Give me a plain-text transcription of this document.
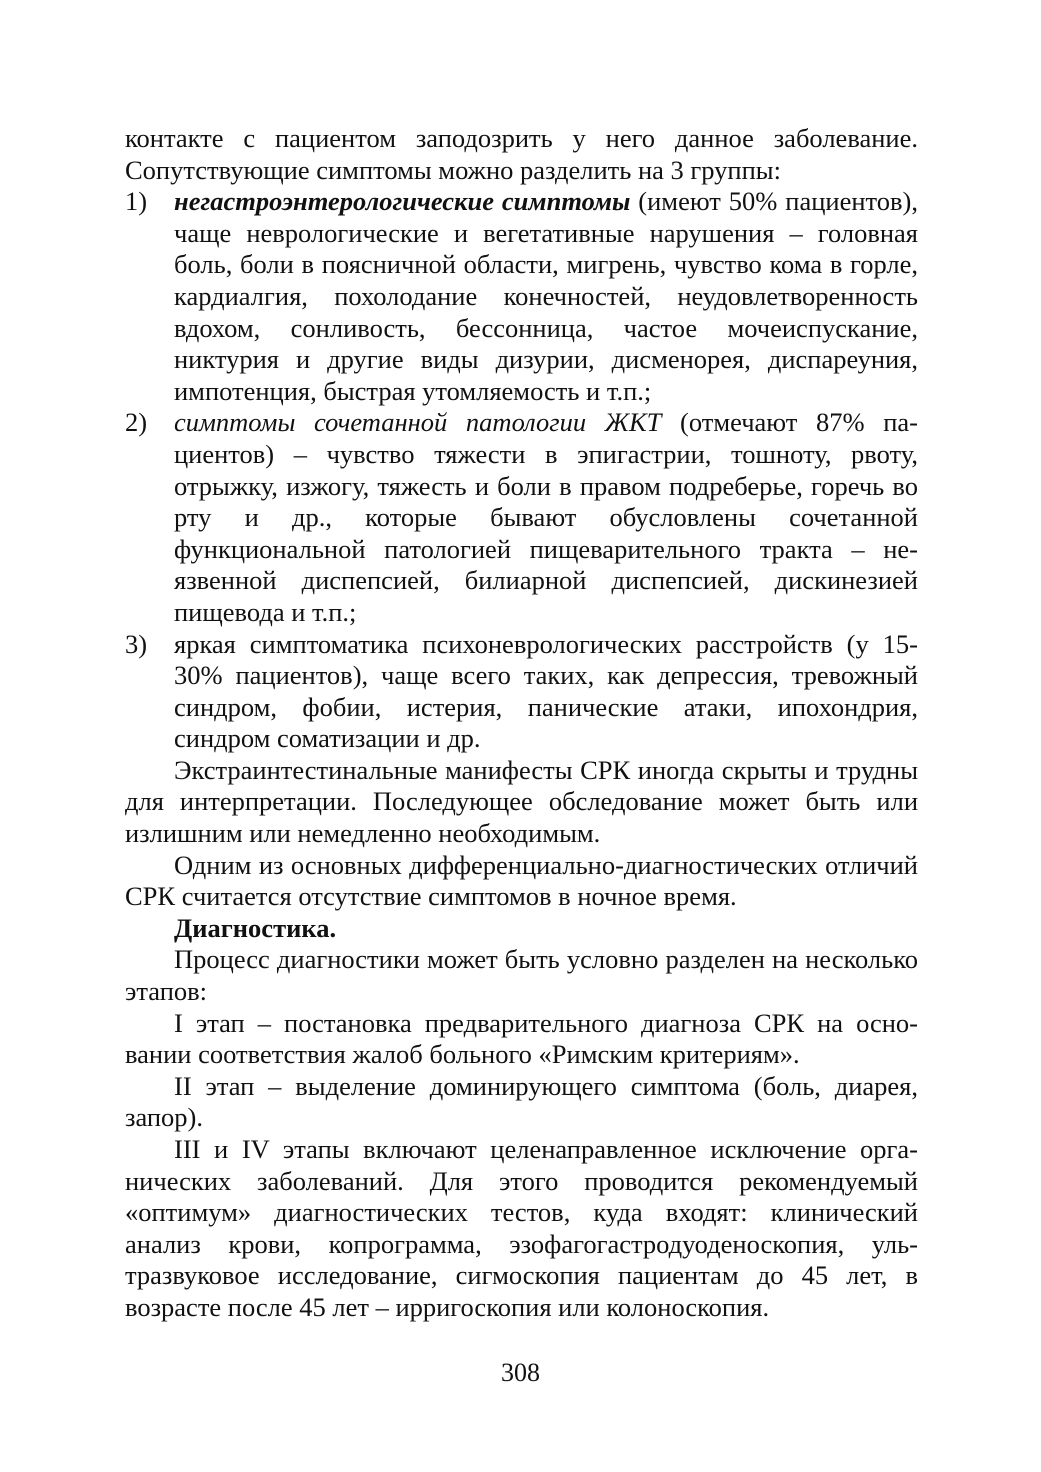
контакте с пациентом заподозрить у него данное заболевание. Сопутствующие симптомы можно разделить на 3 группы:

1) негастроэнтерологические симптомы (имеют 50% пациентов), чаще неврологические и вегетативные нарушения – головная боль, боли в поясничной области, мигрень, чувство кома в горле, кардиалгия, похолодание конечностей, неудовлетворенность вдохом, сонливость, бессонница, частое мочеиспускание, никтурия и другие виды дизурии, дисменорея, диспареуния, импотенция, быстрая утомляемость и т.п.;
2) симптомы сочетанной патологии ЖКТ (отмечают 87% пациентов) – чувство тяжести в эпигастрии, тошноту, рвоту, отрыжку, изжогу, тяжесть и боли в правом подреберье, горечь во рту и др., которые бывают обусловлены сочетанной функциональной патологией пищеварительного тракта – неязвенной диспепсией, билиарной диспепсией, дискинезией пищевода и т.п.;
3) яркая симптоматика психоневрологических расстройств (у 15-30% пациентов), чаще всего таких, как депрессия, тревожный синдром, фобии, истерия, панические атаки, ипохондрия, синдром соматизации и др.

Экстраинтестинальные манифесты СРК иногда скрыты и трудны для интерпретации. Последующее обследование может быть или излишним или немедленно необходимым.

Одним из основных дифференциально-диагностических отличий СРК считается отсутствие симптомов в ночное время.

Диагностика.

Процесс диагностики может быть условно разделен на несколько этапов:

I этап – постановка предварительного диагноза СРК на основании соответствия жалоб больного «Римским критериям».

II этап – выделение доминирующего симптома (боль, диарея, запор).

III и IV этапы включают целенаправленное исключение органических заболеваний. Для этого проводится рекомендуемый «оптимум» диагностических тестов, куда входят: клинический анализ крови, копрограмма, эзофагогастродуоденоскопия, ультразвуковое исследование, сигмоскопия пациентам до 45 лет, в возрасте после 45 лет – ирригоскопия или колоноскопия.

308
